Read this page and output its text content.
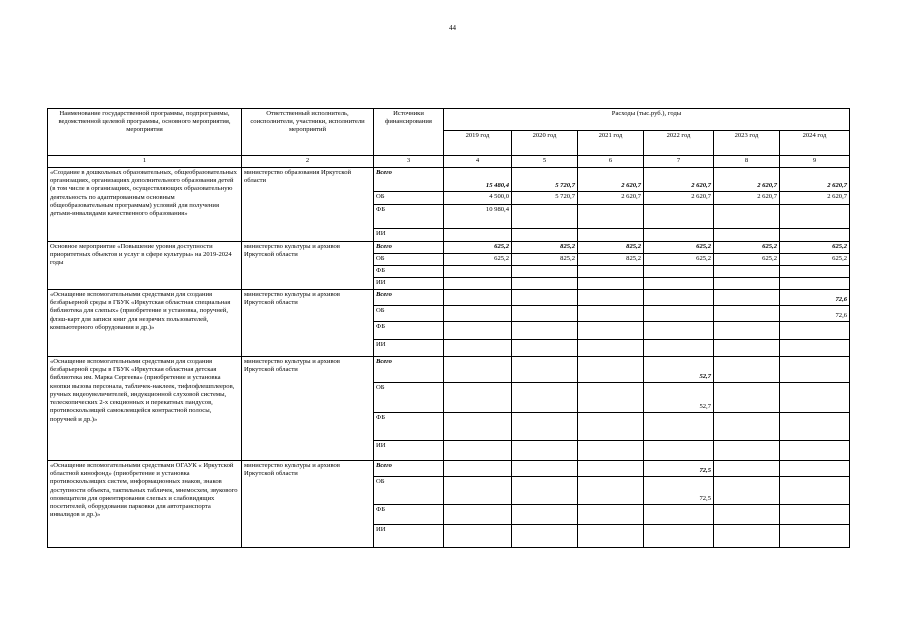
44
Наименование государственной программы, подпрограммы, ведомственной целевой программы, основного мероприятия, мероприятия	Ответственный исполнитель, соисполнители, участники, исполнители мероприятий	Источники финансирования	Расходы (тыс.руб.), годы					
			2019 год	2020 год	2021 год	2022 год	2023 год	2024 год
1	2	3	4	5	6	7	8	9
«Создание в дошкольных образовательных, общеобразовательных организациях, организациях дополнительного образования детей (в том числе в организациях, осуществляющих образовательную деятельность по адаптированным основным общеобразовательным программам) условий для получения детьми-инвалидами качественного образования»	министерство образования Иркутской области	Всего	15 480,4	5 720,7	2 620,7	2 620,7	2 620,7	2 620,7
		ОБ	4 500,0	5 720,7	2 620,7	2 620,7	2 620,7	2 620,7
		ФБ	10 980,4					
		ИИ						
Основное мероприятие «Повышение уровня доступности приоритетных объектов и услуг в сфере культуры» на 2019-2024 годы	министерство культуры и архивов Иркутской области	Всего	625,2	825,2	825,2	625,2	625,2	625,2
		ОБ	625,2	825,2	825,2	625,2	625,2	625,2
		ФБ						
		ИИ						
«Оснащение вспомогательными средствами для создания безбарьерной среды в ГБУК «Иркутская областная специальная библиотека для слепых» (приобретение и установка, поручней, флэш-карт для записи книг для незрячих пользователей, компьютерного оборудования и др.)»	министерство культуры и архивов Иркутской области	Всего						72,6
		ОБ						72,6
		ФБ						
		ИИ						
«Оснащение вспомогательными средствами для создания безбарьерной среды в ГБУК «Иркутская областная детская библиотека им. Марка Сергеева» (приобретение и установка кнопки вызова персонала, табличек-наклеек, тифлофлешплееров, ручных видеоувеличителей, индукционной слуховой системы, телескопических 2-х секционных и перекатных пандусов, противоскользящей самоклеящейся контрастной полосы, поручней и др.)»	министерство культуры и архивов Иркутской области	Всего				52,7		
		ОБ				52,7		
		ФБ						
		ИИ						
«Оснащение вспомогательными средствами ОГАУК « Иркутской областной кинофонд» (приобретение и установка противоскользящих систем, информационных знаков, знаков доступности объекта, тактильных табличек, мнемосхем, звукового оповещателя для ориентирования слепых и слабовидящих посетителей, оборудования парковки для автотранспорта инвалидов и др.)»	министерство культуры и архивов Иркутской области	Всего				72,5		
		ОБ				72,5		
		ФБ						
		ИИ						
